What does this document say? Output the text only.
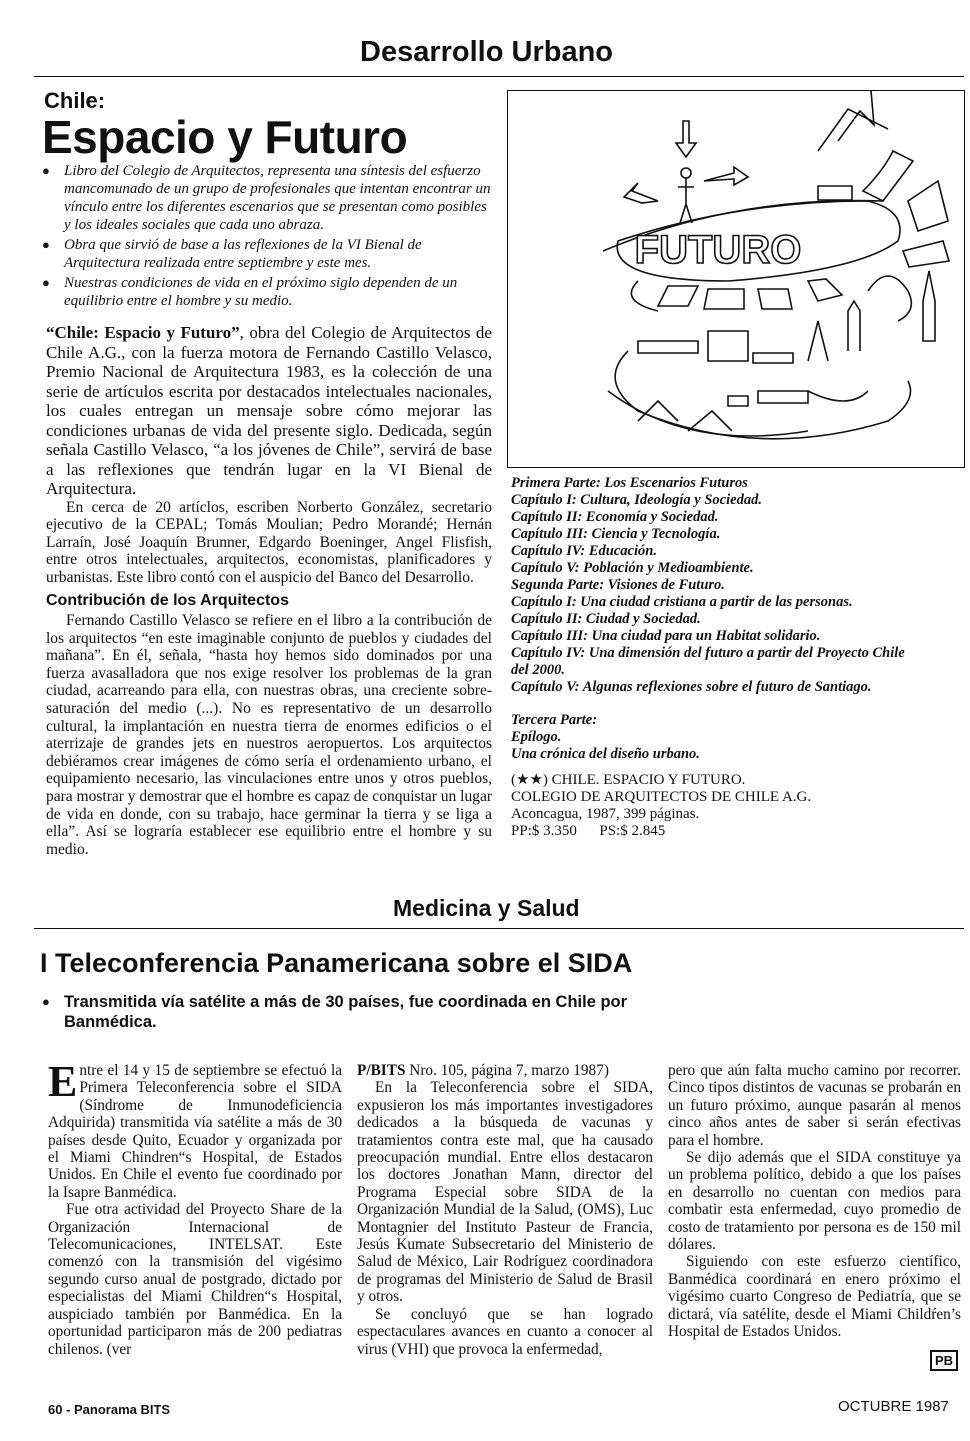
Desarrollo Urbano
Chile:
Espacio y Futuro
● Libro del Colegio de Arquitectos, representa una síntesis del esfuerzo mancomunado de un grupo de profesionales que intentan encontrar un vínculo entre los diferentes escenarios que se presentan como posibles y los ideales sociales que cada uno abraza.
● Obra que sirvió de base a las reflexiones de la VI Bienal de Arquitectura realizada entre septiembre y este mes.
● Nuestras condiciones de vida en el próximo siglo dependen de un equilibrio entre el hombre y su medio.

“Chile: Espacio y Futuro”, obra del Colegio de Arquitectos de Chile A.G., con la fuerza motora de Fernando Castillo Velasco, Premio Nacional de Arquitectura 1983, es la colección de una serie de artículos escrita por destacados intelectuales nacionales, los cuales entregan un mensaje sobre cómo mejorar las condiciones urbanas de vida del presente siglo. Dedicada, según señala Castillo Velasco, “a los jóvenes de Chile”, servirá de base a las reflexiones que tendrán lugar en la VI Bienal de Arquitectura.

En cerca de 20 artíclos, escriben Norberto González, secretario ejecutivo de la CEPAL; Tomás Moulian; Pedro Morandé; Hernán Larraín, José Joaquín Brunner, Edgardo Boeninger, Angel Flisfish, entre otros intelectuales, arquitectos, economistas, planificadores y urbanistas. Este libro contó con el auspicio del Banco del Desarrollo.

Contribución de los Arquitectos

Fernando Castillo Velasco se refiere en el libro a la contribución de los arquitectos “en este imaginable conjunto de pueblos y ciudades del mañana”. En él, señala, “hasta hoy hemos sido dominados por una fuerza avasalladora que nos exige resolver los problemas de la gran ciudad, acarreando para ella, con nuestras obras, una creciente sobre-saturación del medio (...). No es representativo de un desarrollo cultural, la implantación en nuestra tierra de enormes edificios o el aterrizaje de grandes jets en nuestros aeropuertos. Los arquitectos debiéramos crear imágenes de cómo sería el ordenamiento urbano, el equipamiento necesario, las vinculaciones entre unos y otros pueblos, para mostrar y demostrar que el hombre es capaz de conquistar un lugar de vida en donde, con su trabajo, hace germinar la tierra y se liga a ella”. Así se lograría establecer ese equilibrio entre el hombre y su medio.

FUTURO
Primera Parte: Los Escenarios Futuros
Capítulo I: Cultura, Ideología y Sociedad.
Capítulo II: Economía y Sociedad.
Capítulo III: Ciencia y Tecnología.
Capítulo IV: Educación.
Capítulo V: Población y Medioambiente.
Segunda Parte: Visiones de Futuro.
Capítulo I: Una ciudad cristiana a partir de las personas.
Capítulo II: Ciudad y Sociedad.
Capítulo III: Una ciudad para un Habitat solidario.
Capítulo IV: Una dimensión del futuro a partir del Proyecto Chile
del 2000.
Capítulo V: Algunas reflexiones sobre el futuro de Santiago.
Tercera Parte:
Epílogo.
Una crónica del diseño urbano.
(★★) CHILE. ESPACIO Y FUTURO.
COLEGIO DE ARQUITECTOS DE CHILE A.G.
Aconcagua, 1987, 399 páginas.
PP:$ 3.350      PS:$ 2.845
Medicina y Salud
I Teleconferencia Panamericana sobre el SIDA
● Transmitida vía satélite a más de 30 países, fue coordinada en Chile por Banmédica.

Entre el 14 y 15 de septiembre se efectuó la Primera Teleconferencia sobre el SIDA (Síndrome de Inmunodeficiencia Adquirida) transmitida vía satélite a más de 30 países desde Quito, Ecuador y organizada por el Miami Chindren“s Hospital, de Estados Unidos. En Chile el evento fue coordinado por la Isapre Banmédica.

Fue otra actividad del Proyecto Share de la Organización Internacional de Telecomunicaciones, INTELSAT. Este comenzó con la transmisión del vigésimo segundo curso anual de postgrado, dictado por especialistas del Miami Children“s Hospital, auspiciado también por Banmédica. En la oportunidad participaron más de 200 pediatras chilenos. (ver

P/BITS Nro. 105, página 7, marzo 1987)

En la Teleconferencia sobre el SIDA, expusieron los más importantes investigadores dedicados a la búsqueda de vacunas y tratamientos contra este mal, que ha causado preocupación mundial. Entre ellos destacaron los doctores Jonathan Mann, director del Programa Especial sobre SIDA de la Organización Mundial de la Salud, (OMS), Luc Montagnier del Instituto Pasteur de Francia, Jesús Kumate Subsecretario del Ministerio de Salud de México, Lair Rodríguez coordinadora de programas del Ministerio de Salud de Brasil y otros.

Se concluyó que se han logrado espectaculares avances en cuanto a conocer al virus (VHI) que provoca la enfermedad,

pero que aún falta mucho camino por recorrer. Cinco tipos distintos de vacunas se probarán en un futuro próximo, aunque pasarán al menos cinco años antes de saber si serán efectivas para el hombre.

Se dijo además que el SIDA constituye ya un problema político, debido a que los países en desarrollo no cuentan con medios para combatir esta enfermedad, cuyo promedio de costo de tratamiento por persona es de 150 mil dólares.

Siguiendo con este esfuerzo científico, Banmédica coordinará en enero próximo el vigésimo cuarto Congreso de Pediatría, que se dictará, vía satélite, desde el Miami Childŕen’s Hospital de Estados Unidos.

PB
60 - Panorama BITS	OCTUBRE 1987
